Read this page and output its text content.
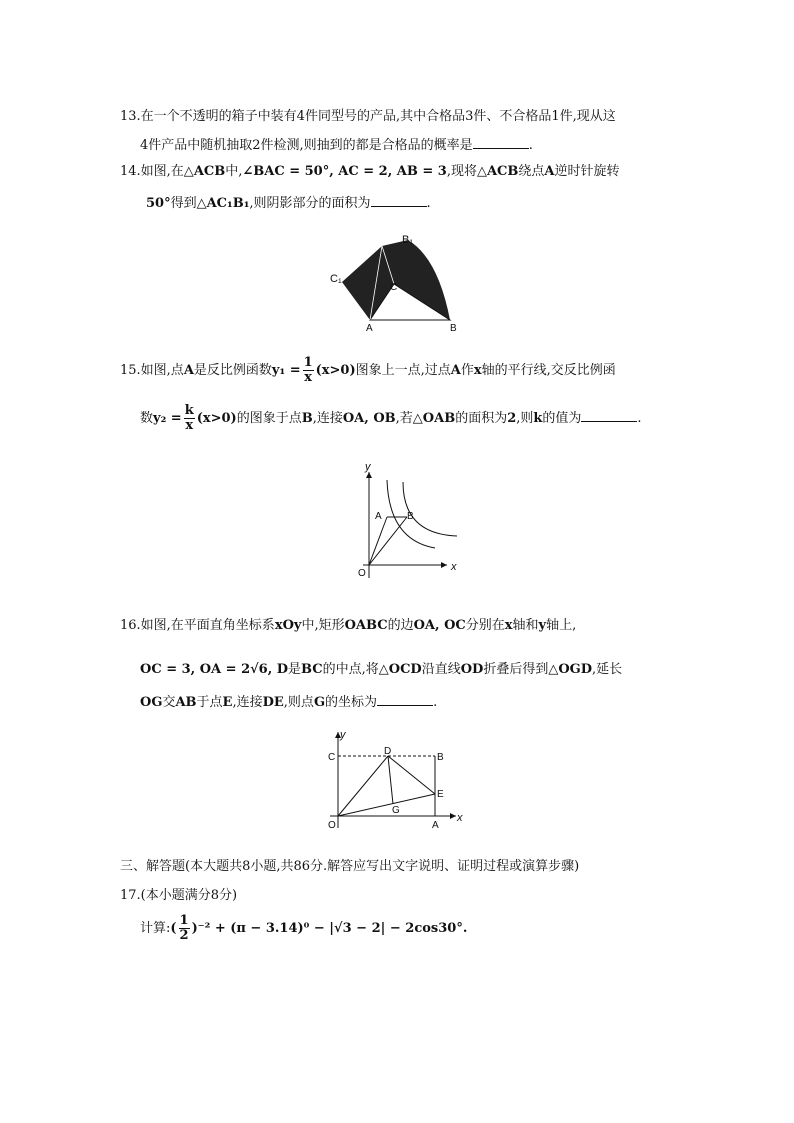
13.在一个不透明的箱子中装有4件同型号的产品,其中合格品3件、不合格品1件,现从这
4件产品中随机抽取2件检测,则抽到的都是合格品的概率是	.
14.如图,在△ACB中,∠BAC = 50°, AC = 2, AB = 3,现将△ACB绕点A逆时针旋转
50°得到△AC₁B₁,则阴影部分的面积为	.
B₁
C₁
C
A	B
15.如图,点A是反比例函数$y_1 = \frac{1}{x} (x>0)$图象上一点,过点A作x轴的平行线,交反比例函
数$y_2 = \frac{k}{x} (x>0)$的图象于点B,连接OA, OB,若△OAB的面积为2,则k的值为	.
y
x
A	B
O
16.如图,在平面直角坐标系xOy中,矩形OABC的边OA, OC分别在x轴和y轴上,
OC = 3, OA = 2√6, D是BC的中点,将△OCD沿直线OD折叠后得到△OGD,延长
OG交AB于点E,连接DE,则点G的坐标为	.
y
x
C
D
B
E
G
O	A
三、解答题(本大题共8小题,共86分.解答应写出文字说明、证明过程或演算步骤)
17.(本小题满分8分)
计算:( $\frac{1}{2} )^{-2} + (\pi - 3.14)^0 - |√3 - 2| - 2\cos 30^\circ$.
